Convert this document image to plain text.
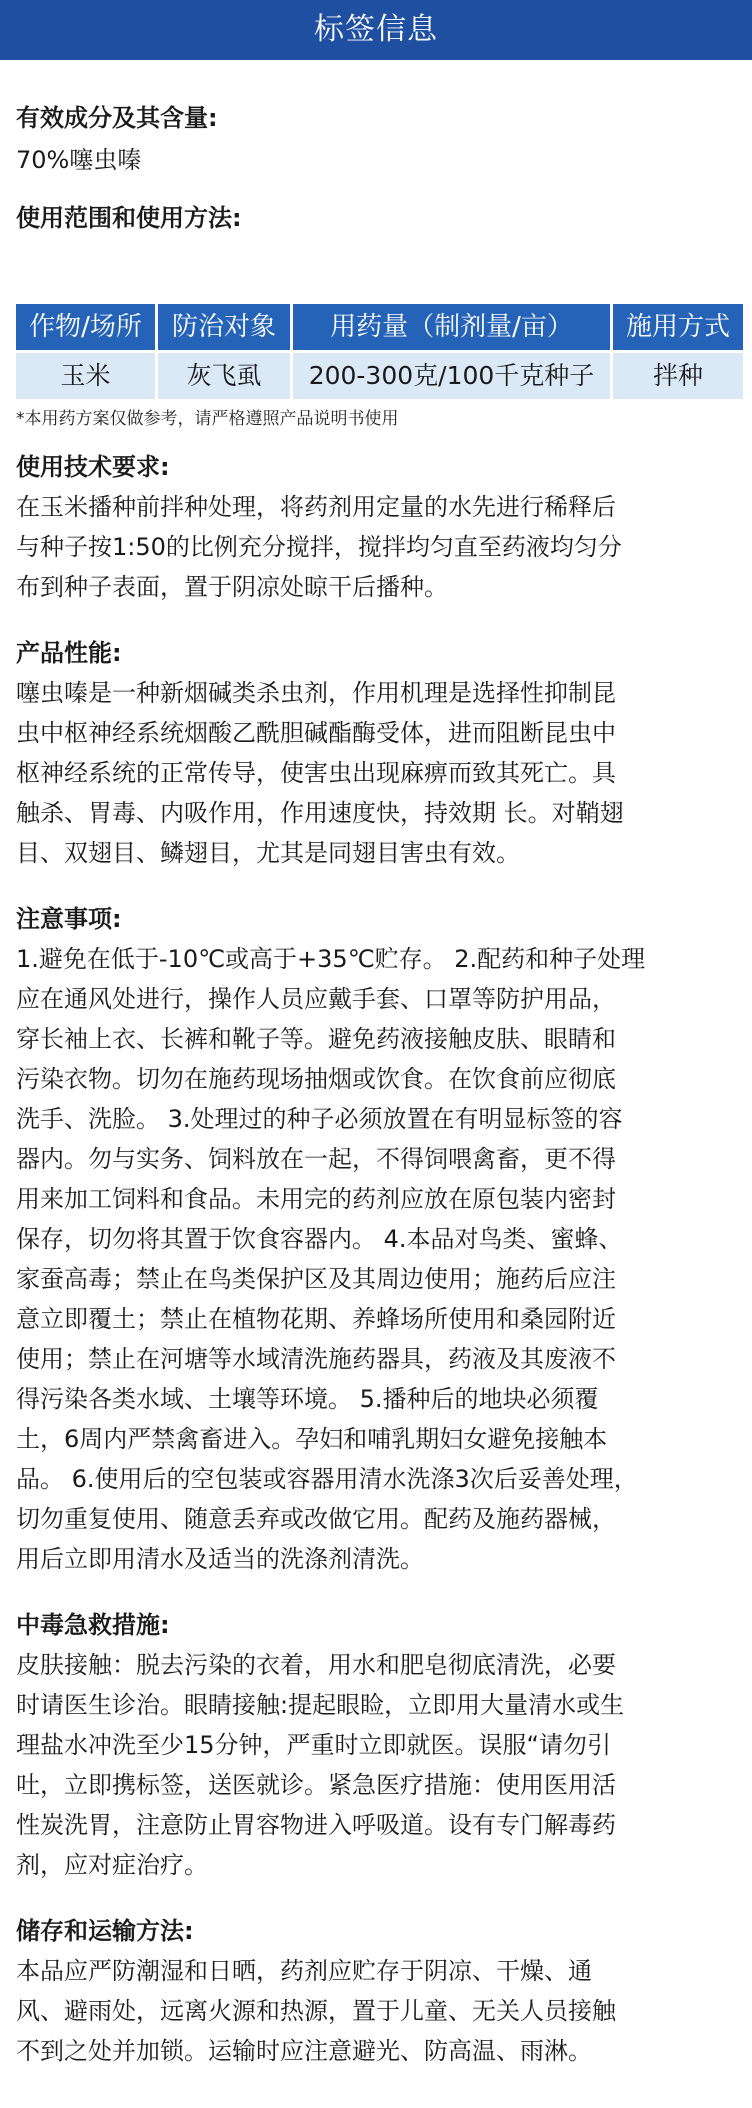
标签信息

有效成分及其含量:

70%噻虫嗪

使用范围和使用方法:

作物/场所	防治对象	用药量（制剂量/亩）	施用方式
玉米	灰飞虱	200-300克/100千克种子	拌种
*本用药方案仅做参考，请严格遵照产品说明书使用

使用技术要求:

在玉米播种前拌种处理，将药剂用定量的水先进行稀释后
与种子按1:50的比例充分搅拌，搅拌均匀直至药液均匀分
布到种子表面，置于阴凉处晾干后播种。

产品性能:

噻虫嗪是一种新烟碱类杀虫剂，作用机理是选择性抑制昆
虫中枢神经系统烟酸乙酰胆碱酯酶受体，进而阻断昆虫中
枢神经系统的正常传导，使害虫出现麻痹而致其死亡。具
触杀、胃毒、内吸作用，作用速度快，持效期 长。对鞘翅
目、双翅目、鳞翅目，尤其是同翅目害虫有效。

注意事项:

1.避免在低于-10℃或高于+35℃贮存。 2.配药和种子处理
应在通风处进行，操作人员应戴手套、口罩等防护用品，
穿长袖上衣、长裤和靴子等。避免药液接触皮肤、眼睛和
污染衣物。切勿在施药现场抽烟或饮食。在饮食前应彻底
洗手、洗脸。 3.处理过的种子必须放置在有明显标签的容
器内。勿与实务、饲料放在一起，不得饲喂禽畜，更不得
用来加工饲料和食品。未用完的药剂应放在原包装内密封
保存，切勿将其置于饮食容器内。 4.本品对鸟类、蜜蜂、
家蚕高毒；禁止在鸟类保护区及其周边使用；施药后应注
意立即覆土；禁止在植物花期、养蜂场所使用和桑园附近
使用；禁止在河塘等水域清洗施药器具，药液及其废液不
得污染各类水域、土壤等环境。 5.播种后的地块必须覆
土，6周内严禁禽畜进入。孕妇和哺乳期妇女避免接触本
品。 6.使用后的空包装或容器用清水洗涤3次后妥善处理，
切勿重复使用、随意丢弃或改做它用。配药及施药器械，
用后立即用清水及适当的洗涤剂清洗。

中毒急救措施:

皮肤接触：脱去污染的衣着，用水和肥皂彻底清洗，必要
时请医生诊治。眼睛接触:提起眼睑，立即用大量清水或生
理盐水冲洗至少15分钟，严重时立即就医。误服“请勿引
吐，立即携标签，送医就诊。紧急医疗措施：使用医用活
性炭洗胃，注意防止胃容物进入呼吸道。设有专门解毒药
剂，应对症治疗。

储存和运输方法:

本品应严防潮湿和日晒，药剂应贮存于阴凉、干燥、通
风、避雨处，远离火源和热源，置于儿童、无关人员接触
不到之处并加锁。运输时应注意避光、防高温、雨淋。
